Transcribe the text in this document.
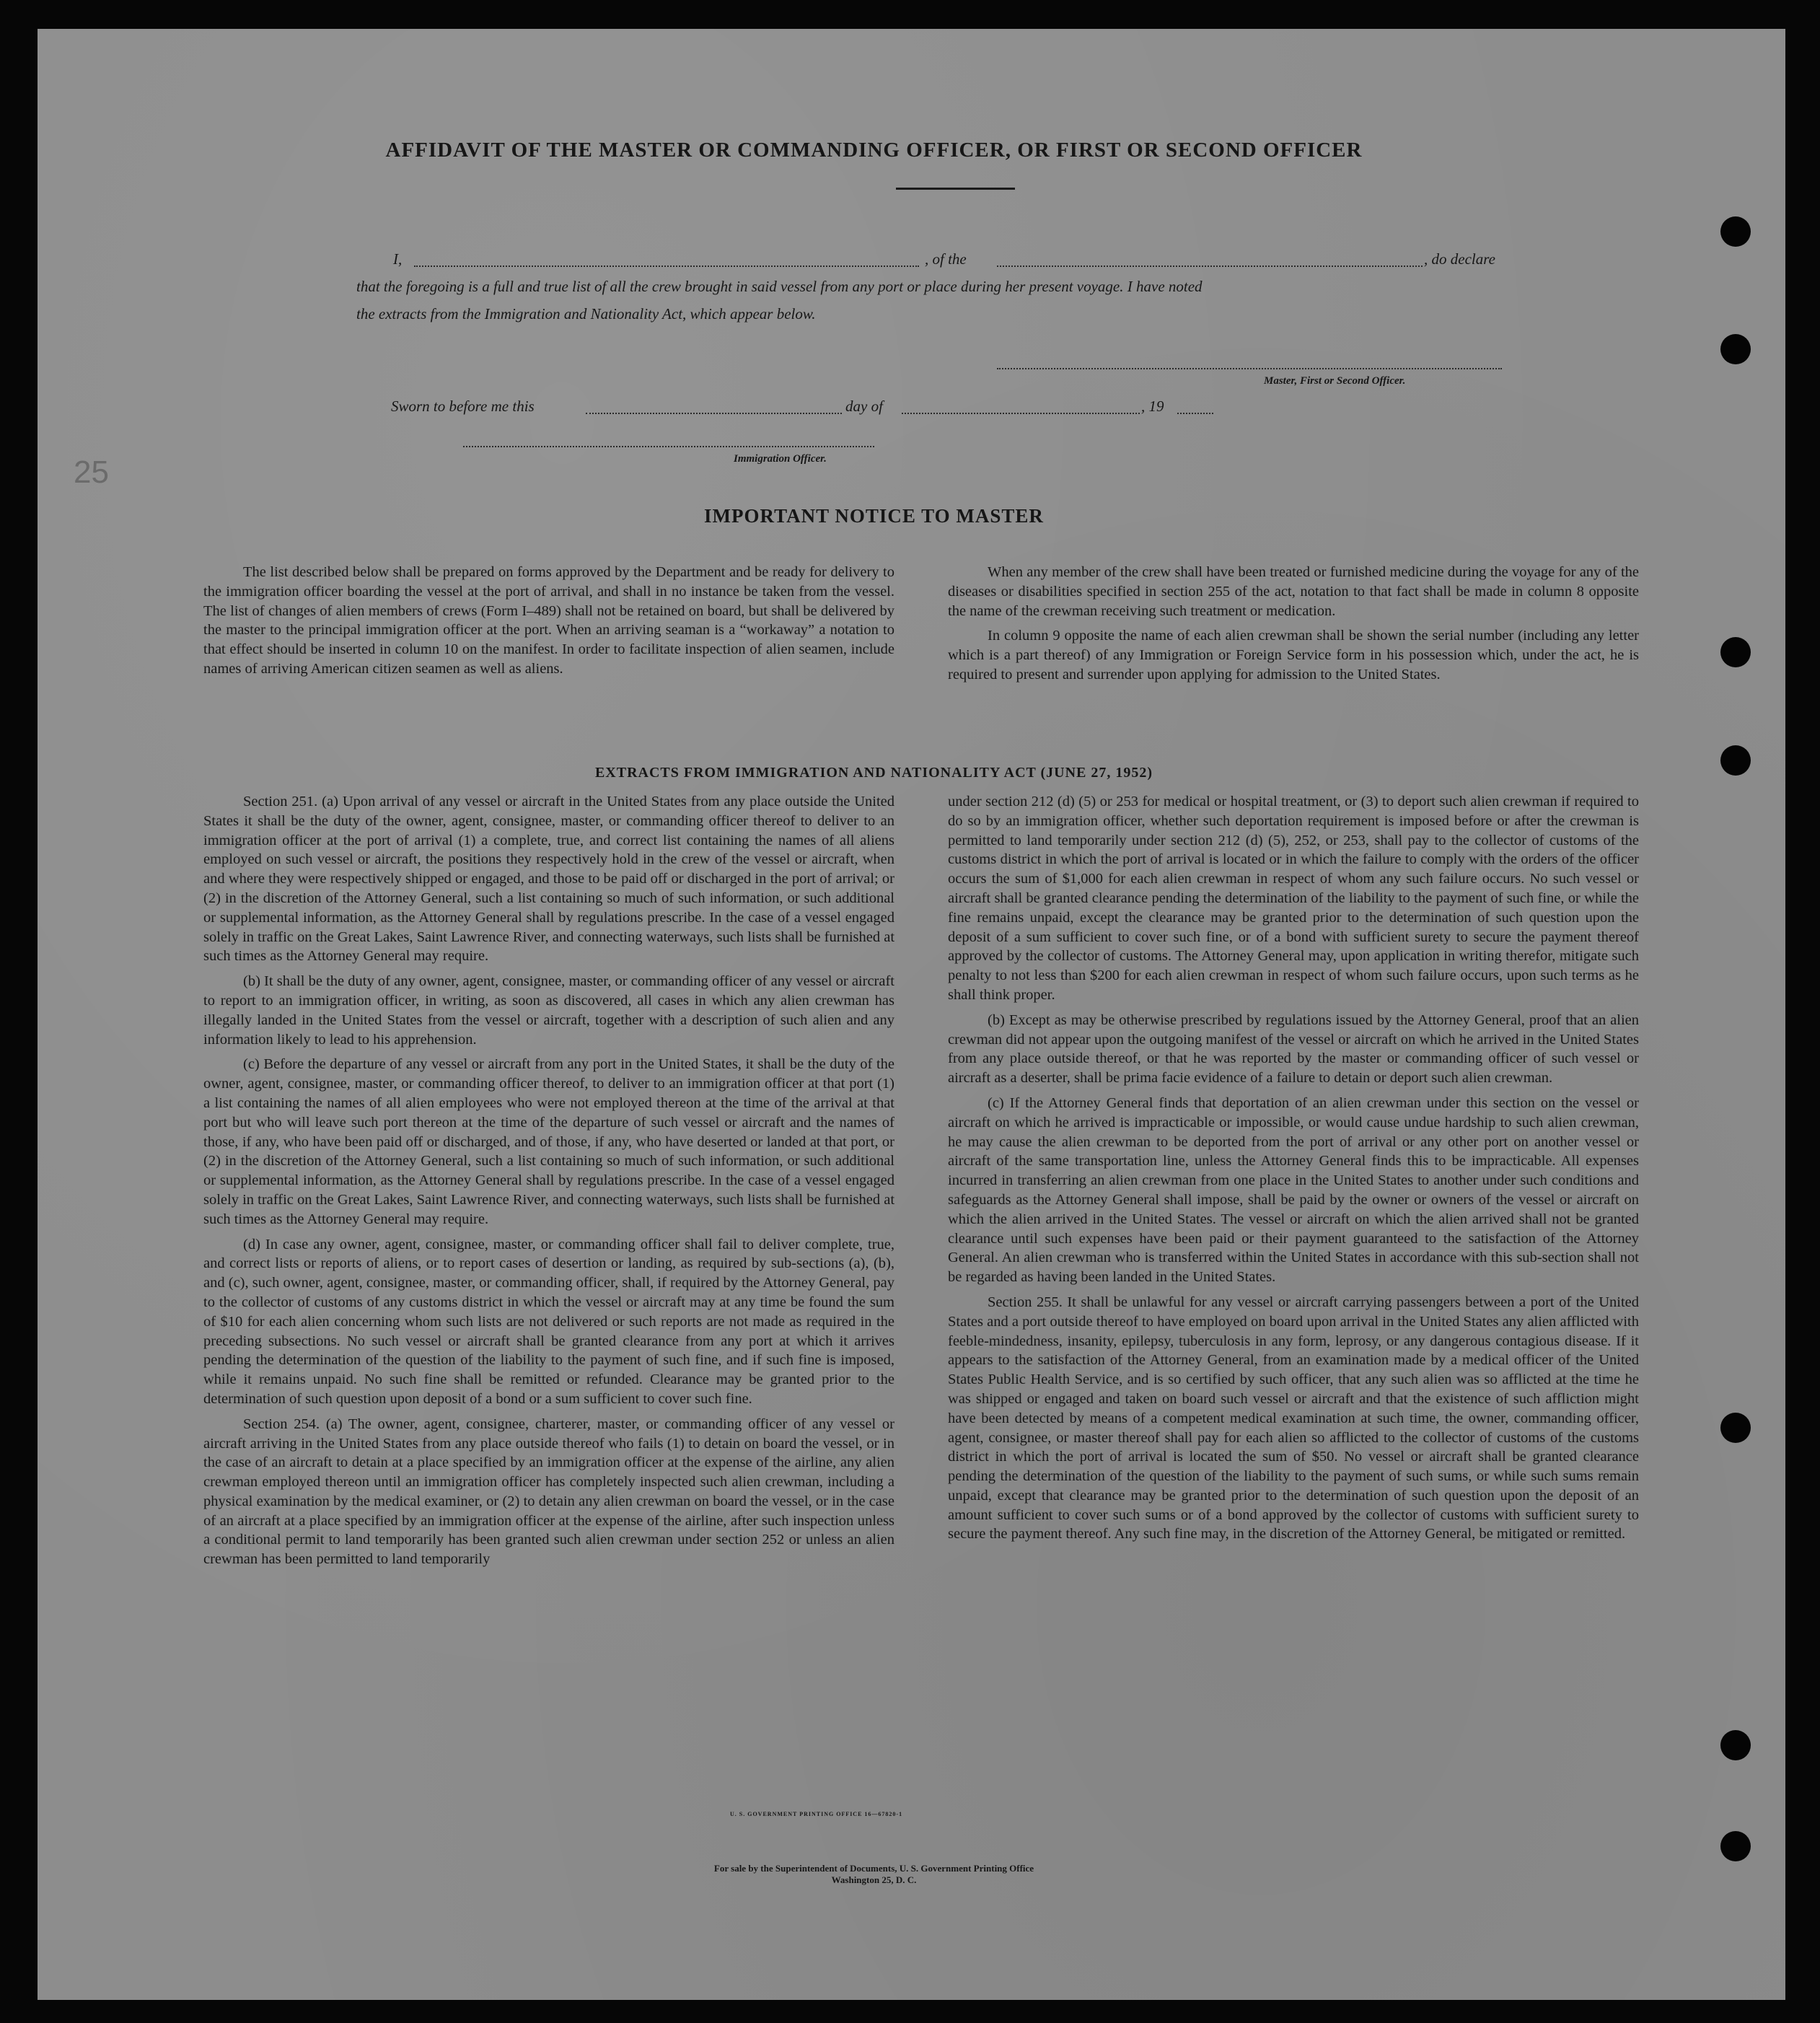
AFFIDAVIT OF THE MASTER OR COMMANDING OFFICER, OR FIRST OR SECOND OFFICER
I,	, of the	, do declare
that the foregoing is a full and true list of all the crew brought in said vessel from any port or place during her present voyage. I have noted
the extracts from the Immigration and Nationality Act, which appear below.
Master, First or Second Officer.
Sworn to before me this	day of	, 19
Immigration Officer.
25
IMPORTANT NOTICE TO MASTER

The list described below shall be prepared on forms approved by the Department and be ready for delivery to the immigration officer boarding the vessel at the port of arrival, and shall in no instance be taken from the vessel. The list of changes of alien members of crews (Form I–489) shall not be retained on board, but shall be delivered by the master to the principal immigration officer at the port. When an arriving seaman is a “workaway” a notation to that effect should be inserted in column 10 on the manifest. In order to facilitate inspection of alien seamen, include names of arriving American citizen seamen as well as aliens.

When any member of the crew shall have been treated or furnished medicine during the voyage for any of the diseases or disabilities specified in section 255 of the act, notation to that fact shall be made in column 8 opposite the name of the crewman receiving such treatment or medication.

In column 9 opposite the name of each alien crewman shall be shown the serial number (including any letter which is a part thereof) of any Immigration or Foreign Service form in his possession which, under the act, he is required to present and surrender upon applying for admission to the United States.

EXTRACTS FROM IMMIGRATION AND NATIONALITY ACT (JUNE 27, 1952)

Section 251. (a) Upon arrival of any vessel or aircraft in the United States from any place outside the United States it shall be the duty of the owner, agent, consignee, master, or commanding officer thereof to deliver to an immigration officer at the port of arrival (1) a complete, true, and correct list containing the names of all aliens employed on such vessel or aircraft, the positions they respectively hold in the crew of the vessel or aircraft, when and where they were respectively shipped or engaged, and those to be paid off or discharged in the port of arrival; or (2) in the discretion of the Attorney General, such a list containing so much of such information, or such additional or supplemental information, as the Attorney General shall by regulations prescribe. In the case of a vessel engaged solely in traffic on the Great Lakes, Saint Lawrence River, and connecting waterways, such lists shall be furnished at such times as the Attorney General may require.

(b) It shall be the duty of any owner, agent, consignee, master, or commanding officer of any vessel or aircraft to report to an immigration officer, in writing, as soon as discovered, all cases in which any alien crewman has illegally landed in the United States from the vessel or aircraft, together with a description of such alien and any information likely to lead to his apprehension.

(c) Before the departure of any vessel or aircraft from any port in the United States, it shall be the duty of the owner, agent, consignee, master, or commanding officer thereof, to deliver to an immigration officer at that port (1) a list containing the names of all alien employees who were not employed thereon at the time of the arrival at that port but who will leave such port thereon at the time of the departure of such vessel or aircraft and the names of those, if any, who have been paid off or discharged, and of those, if any, who have deserted or landed at that port, or (2) in the discretion of the Attorney General, such a list containing so much of such information, or such additional or supplemental information, as the Attorney General shall by regulations prescribe. In the case of a vessel engaged solely in traffic on the Great Lakes, Saint Lawrence River, and connecting waterways, such lists shall be furnished at such times as the Attorney General may require.

(d) In case any owner, agent, consignee, master, or commanding officer shall fail to deliver complete, true, and correct lists or reports of aliens, or to report cases of desertion or landing, as required by sub-sections (a), (b), and (c), such owner, agent, consignee, master, or commanding officer, shall, if required by the Attorney General, pay to the collector of customs of any customs district in which the vessel or aircraft may at any time be found the sum of $10 for each alien concerning whom such lists are not delivered or such reports are not made as required in the preceding subsections. No such vessel or aircraft shall be granted clearance from any port at which it arrives pending the determination of the question of the liability to the payment of such fine, and if such fine is imposed, while it remains unpaid. No such fine shall be remitted or refunded. Clearance may be granted prior to the determination of such question upon deposit of a bond or a sum sufficient to cover such fine.

Section 254. (a) The owner, agent, consignee, charterer, master, or commanding officer of any vessel or aircraft arriving in the United States from any place outside thereof who fails (1) to detain on board the vessel, or in the case of an aircraft to detain at a place specified by an immigration officer at the expense of the airline, any alien crewman employed thereon until an immigration officer has completely inspected such alien crewman, including a physical examination by the medical examiner, or (2) to detain any alien crewman on board the vessel, or in the case of an aircraft at a place specified by an immigration officer at the expense of the airline, after such inspection unless a conditional permit to land temporarily has been granted such alien crewman under section 252 or unless an alien crewman has been permitted to land temporarily

under section 212 (d) (5) or 253 for medical or hospital treatment, or (3) to deport such alien crewman if required to do so by an immigration officer, whether such deportation requirement is imposed before or after the crewman is permitted to land temporarily under section 212 (d) (5), 252, or 253, shall pay to the collector of customs of the customs district in which the port of arrival is located or in which the failure to comply with the orders of the officer occurs the sum of $1,000 for each alien crewman in respect of whom any such failure occurs. No such vessel or aircraft shall be granted clearance pending the determination of the liability to the payment of such fine, or while the fine remains unpaid, except the clearance may be granted prior to the determination of such question upon the deposit of a sum sufficient to cover such fine, or of a bond with sufficient surety to secure the payment thereof approved by the collector of customs. The Attorney General may, upon application in writing therefor, mitigate such penalty to not less than $200 for each alien crewman in respect of whom such failure occurs, upon such terms as he shall think proper.

(b) Except as may be otherwise prescribed by regulations issued by the Attorney General, proof that an alien crewman did not appear upon the outgoing manifest of the vessel or aircraft on which he arrived in the United States from any place outside thereof, or that he was reported by the master or commanding officer of such vessel or aircraft as a deserter, shall be prima facie evidence of a failure to detain or deport such alien crewman.

(c) If the Attorney General finds that deportation of an alien crewman under this section on the vessel or aircraft on which he arrived is impracticable or impossible, or would cause undue hardship to such alien crewman, he may cause the alien crewman to be deported from the port of arrival or any other port on another vessel or aircraft of the same transportation line, unless the Attorney General finds this to be impracticable. All expenses incurred in transferring an alien crewman from one place in the United States to another under such conditions and safeguards as the Attorney General shall impose, shall be paid by the owner or owners of the vessel or aircraft on which the alien arrived in the United States. The vessel or aircraft on which the alien arrived shall not be granted clearance until such expenses have been paid or their payment guaranteed to the satisfaction of the Attorney General. An alien crewman who is transferred within the United States in accordance with this sub-section shall not be regarded as having been landed in the United States.

Section 255. It shall be unlawful for any vessel or aircraft carrying passengers between a port of the United States and a port outside thereof to have employed on board upon arrival in the United States any alien afflicted with feeble-mindedness, insanity, epilepsy, tuberculosis in any form, leprosy, or any dangerous contagious disease. If it appears to the satisfaction of the Attorney General, from an examination made by a medical officer of the United States Public Health Service, and is so certified by such officer, that any such alien was so afflicted at the time he was shipped or engaged and taken on board such vessel or aircraft and that the existence of such affliction might have been detected by means of a competent medical examination at such time, the owner, commanding officer, agent, consignee, or master thereof shall pay for each alien so afflicted to the collector of customs of the customs district in which the port of arrival is located the sum of $50. No vessel or aircraft shall be granted clearance pending the determination of the question of the liability to the payment of such sums, or while such sums remain unpaid, except that clearance may be granted prior to the determination of such question upon the deposit of an amount sufficient to cover such sums or of a bond approved by the collector of customs with sufficient surety to secure the payment thereof. Any such fine may, in the discretion of the Attorney General, be mitigated or remitted.

U. S. GOVERNMENT PRINTING OFFICE 16—67820-1
For sale by the Superintendent of Documents, U. S. Government Printing Office
Washington 25, D. C.
